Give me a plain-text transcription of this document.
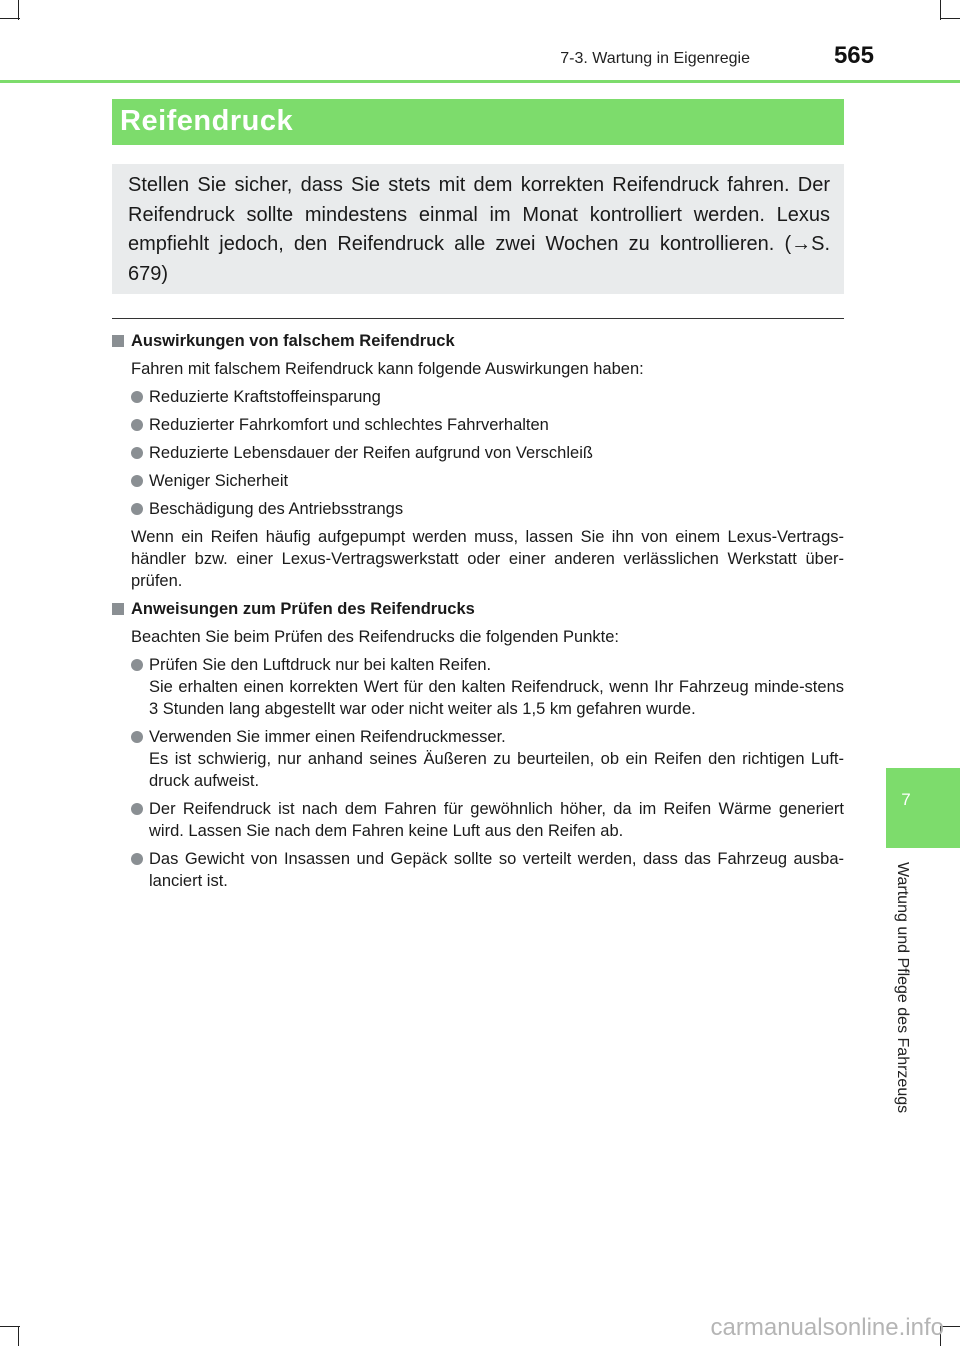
7-3. Wartung in Eigenregie	565
Reifendruck
Stellen Sie sicher, dass Sie stets mit dem korrekten Reifendruck fahren. Der Reifendruck sollte mindestens einmal im Monat kontrolliert werden. Lexus empfiehlt jedoch, den Reifendruck alle zwei Wochen zu kontrollieren. (→S. 679)
Auswirkungen von falschem Reifendruck
Fahren mit falschem Reifendruck kann folgende Auswirkungen haben:
Reduzierte Kraftstoffeinsparung
Reduzierter Fahrkomfort und schlechtes Fahrverhalten
Reduzierte Lebensdauer der Reifen aufgrund von Verschleiß
Weniger Sicherheit
Beschädigung des Antriebsstrangs
Wenn ein Reifen häufig aufgepumpt werden muss, lassen Sie ihn von einem Lexus-Vertrags-händler bzw. einer Lexus-Vertragswerkstatt oder einer anderen verlässlichen Werkstatt über-prüfen.
Anweisungen zum Prüfen des Reifendrucks
Beachten Sie beim Prüfen des Reifendrucks die folgenden Punkte:
Prüfen Sie den Luftdruck nur bei kalten Reifen.
Sie erhalten einen korrekten Wert für den kalten Reifendruck, wenn Ihr Fahrzeug minde-stens 3 Stunden lang abgestellt war oder nicht weiter als 1,5 km gefahren wurde.
Verwenden Sie immer einen Reifendruckmesser.
Es ist schwierig, nur anhand seines Äußeren zu beurteilen, ob ein Reifen den richtigen Luft-druck aufweist.
Der Reifendruck ist nach dem Fahren für gewöhnlich höher, da im Reifen Wärme generiert wird. Lassen Sie nach dem Fahren keine Luft aus den Reifen ab.
Das Gewicht von Insassen und Gepäck sollte so verteilt werden, dass das Fahrzeug ausba-lanciert ist.
7
Wartung und Pflege des Fahrzeugs
carmanualsonline.info
